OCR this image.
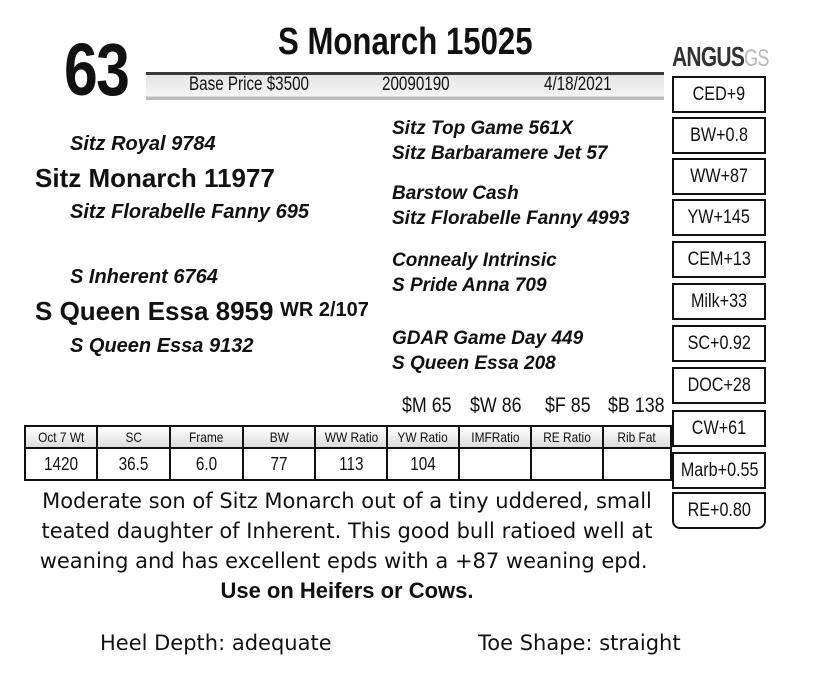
63	S Monarch 15025
Base Price $3500	20090190	4/18/2021
ANGUSGS
Sitz Royal 9784
Sitz Monarch 11977
Sitz Florabelle Fanny 695
S Inherent 6764
S Queen Essa 8959 WR 2/107
S Queen Essa 9132
Sitz Top Game 561X
Sitz Barbaramere Jet 57
Barstow Cash
Sitz Florabelle Fanny 4993
Connealy Intrinsic
S Pride Anna 709
GDAR Game Day 449
S Queen Essa 208
CED+9
BW+0.8
WW+87
YW+145
CEM+13
Milk+33
SC+0.92
DOC+28
CW+61
Marb+0.55
RE+0.80
$M 65 $W 86 $F 85 $B 138
Oct 7 Wt	SC	Frame	BW	WW Ratio	YW Ratio	IMFRatio	RE Ratio	Rib Fat
1420	36.5	6.0	77	113	104			
Moderate son of Sitz Monarch out of a tiny uddered, small teated daughter of Inherent. This good bull ratioed well at weaning and has excellent epds with a +87 weaning epd.  Use on Heifers or Cows.
Heel Depth: adequate	Toe Shape: straight
